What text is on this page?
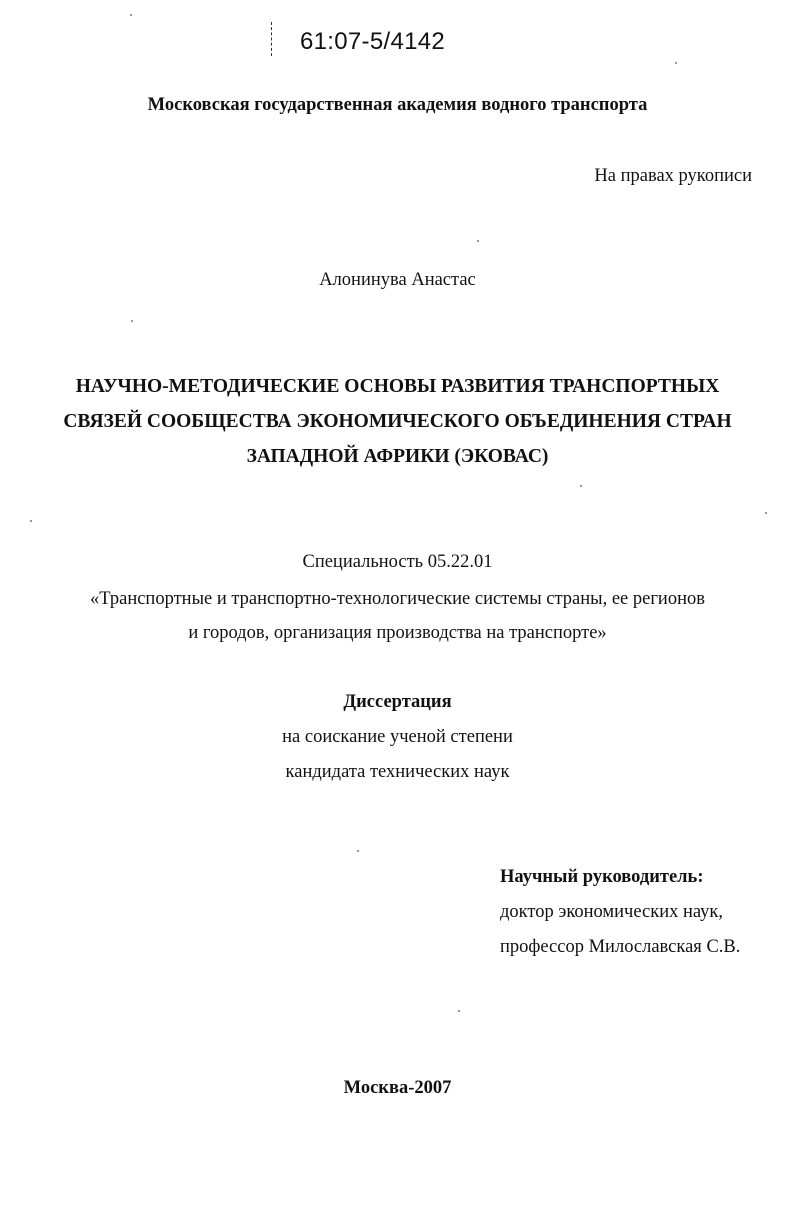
61:07-5/4142
Московская государственная академия водного транспорта
На правах рукописи
Алонинува Анастас
НАУЧНО-МЕТОДИЧЕСКИЕ ОСНОВЫ РАЗВИТИЯ ТРАНСПОРТНЫХ
СВЯЗЕЙ СООБЩЕСТВА ЭКОНОМИЧЕСКОГО ОБЪЕДИНЕНИЯ СТРАН
ЗАПАДНОЙ АФРИКИ (ЭКОВАС)
Специальность 05.22.01
«Транспортные и транспортно-технологические системы страны, ее регионов
и городов, организация производства на транспорте»
Диссертация
на соискание ученой степени
кандидата технических наук
Научный руководитель:
доктор экономических наук,
профессор Милославская С.В.
Москва-2007
